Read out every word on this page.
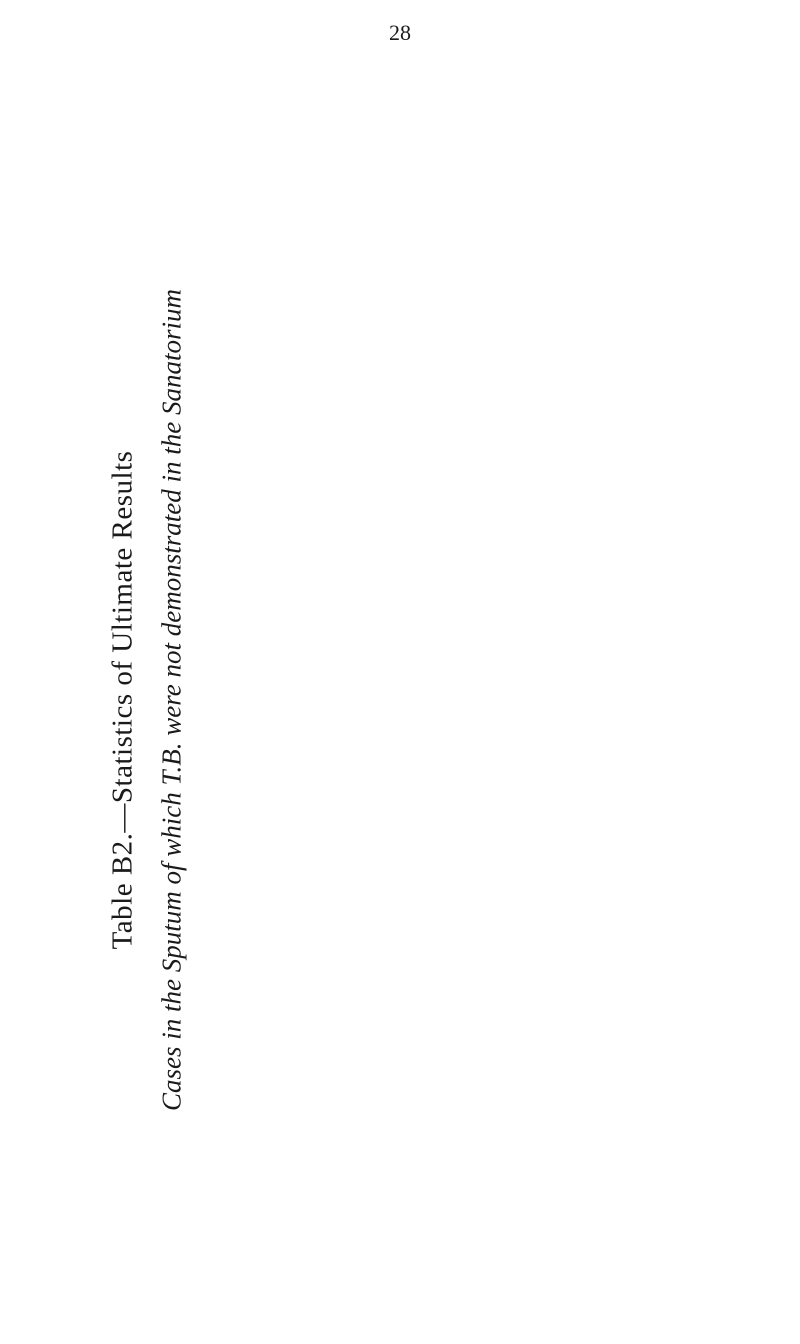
28
Table B2.—Statistics of Ultimate Results Cases in the Sputum of which T.B. were not demonstrated in the Sanatorium
